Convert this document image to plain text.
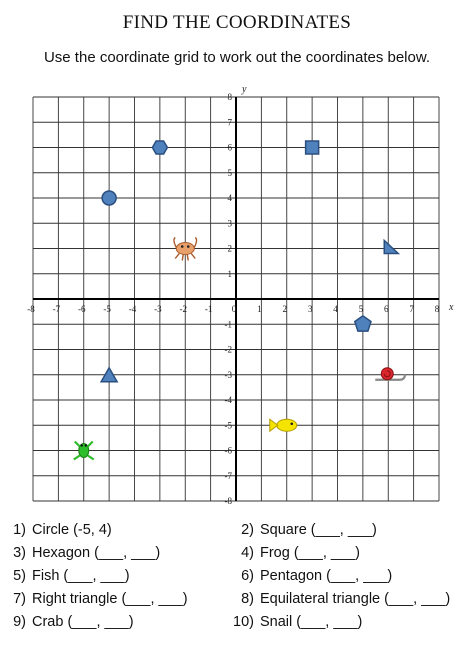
FIND THE COORDINATES
Use the coordinate grid to work out the coordinates below.
-8 -7 -6 -5 -4 -3 -2 -1 0 1 2 3 4 5 6 7 8
8
7
6
5
4
3
2
1
-1
-2
-3
-4
-5
-6
-7
-8
x
y
1) Circle (-5, 4)	2) Square (___, ___)
3) Hexagon (___, ___)	4) Frog (___, ___)
5) Fish (___, ___)	6) Pentagon (___, ___)
7) Right triangle (___, ___)	8) Equilateral triangle (___, ___)
9) Crab (___, ___)	10) Snail (___, ___)
